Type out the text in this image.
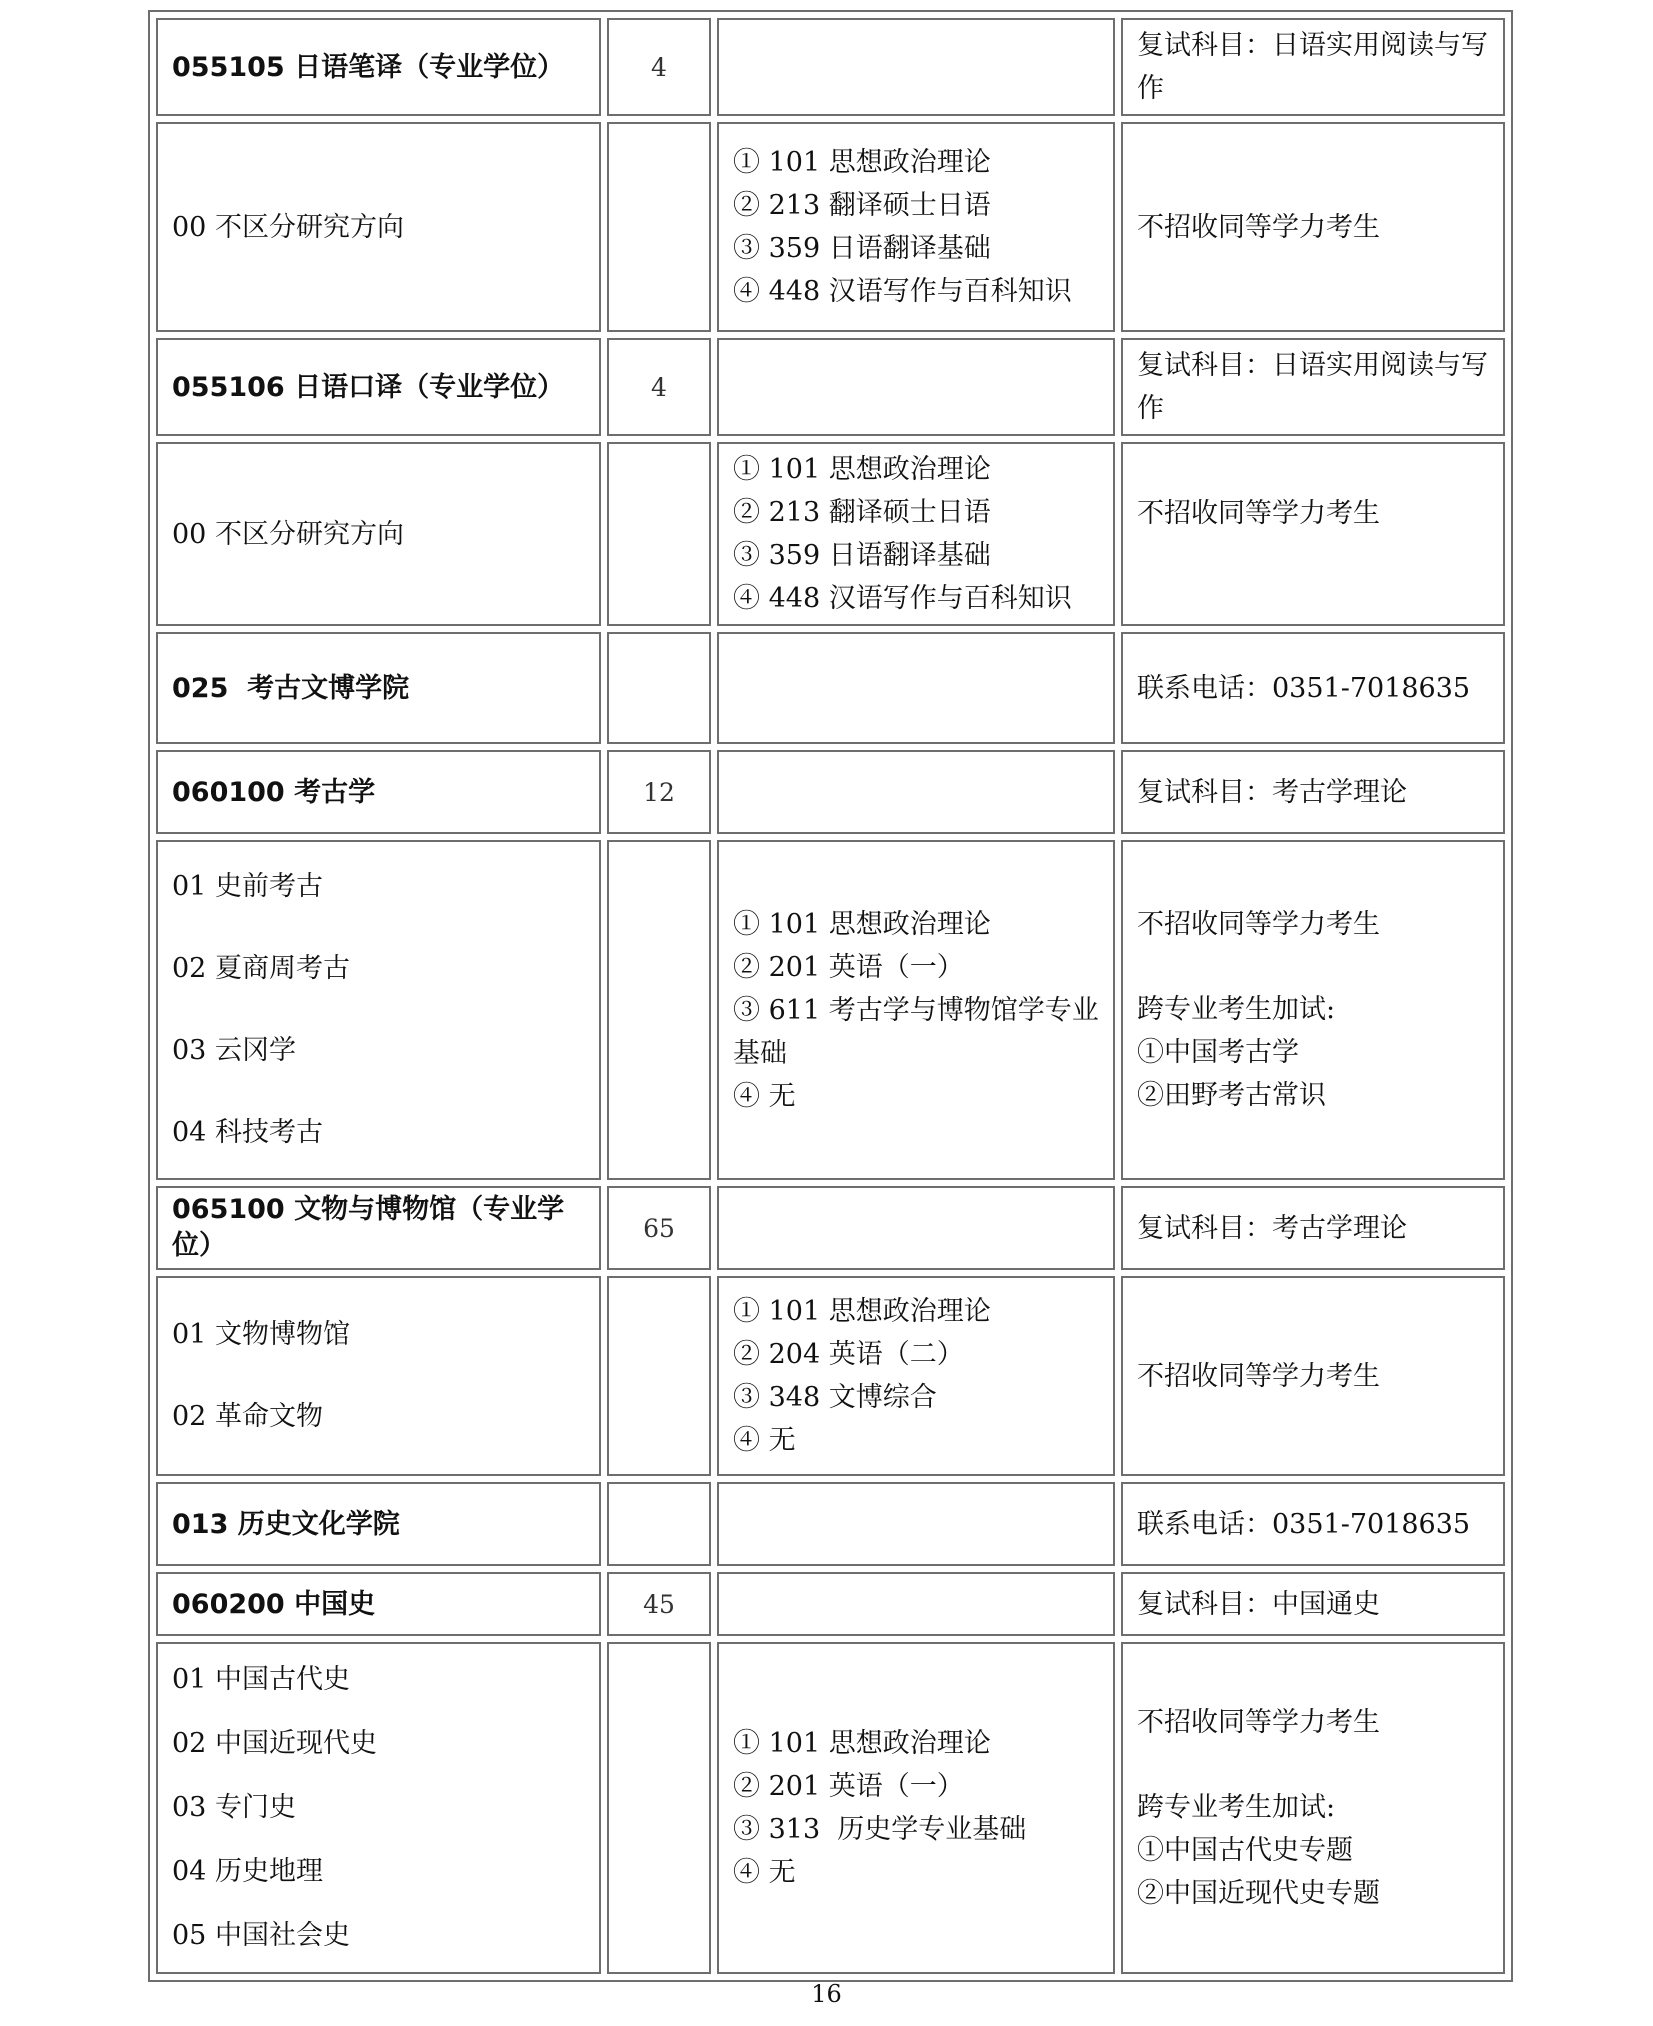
055105 日语笔译（专业学位）	4		复试科目：日语实用阅读与写作

00 不区分研究方向		① 101 思想政治理论
② 213 翻译硕士日语
③ 359 日语翻译基础
④ 448 汉语写作与百科知识	不招收同等学力考生

055106 日语口译（专业学位）	4		复试科目：日语实用阅读与写作

00 不区分研究方向		① 101 思想政治理论
② 213 翻译硕士日语
③ 359 日语翻译基础
④ 448 汉语写作与百科知识	不招收同等学力考生

025  考古文博学院			联系电话：0351-7018635
060100 考古学	12		复试科目：考古学理论

01 史前考古
02 夏商周考古
03 云冈学
04 科技考古		① 101 思想政治理论
② 201 英语（一）
③ 611 考古学与博物馆学专业基础
④ 无	不招收同等学力考生
跨专业考生加试:
①中国考古学
②田野考古常识

065100 文物与博物馆（专业学位）	65		复试科目：考古学理论

01 文物博物馆
02 革命文物		① 101 思想政治理论
② 204 英语（二）
③ 348 文博综合
④ 无	不招收同等学力考生

013 历史文化学院			联系电话：0351-7018635
060200 中国史	45		复试科目：中国通史

01 中国古代史
02 中国近现代史
03 专门史
04 历史地理
05 中国社会史		① 101 思想政治理论
② 201 英语（一）
③ 313  历史学专业基础
④ 无	不招收同等学力考生
跨专业考生加试:
①中国古代史专题
②中国近现代史专题
16
